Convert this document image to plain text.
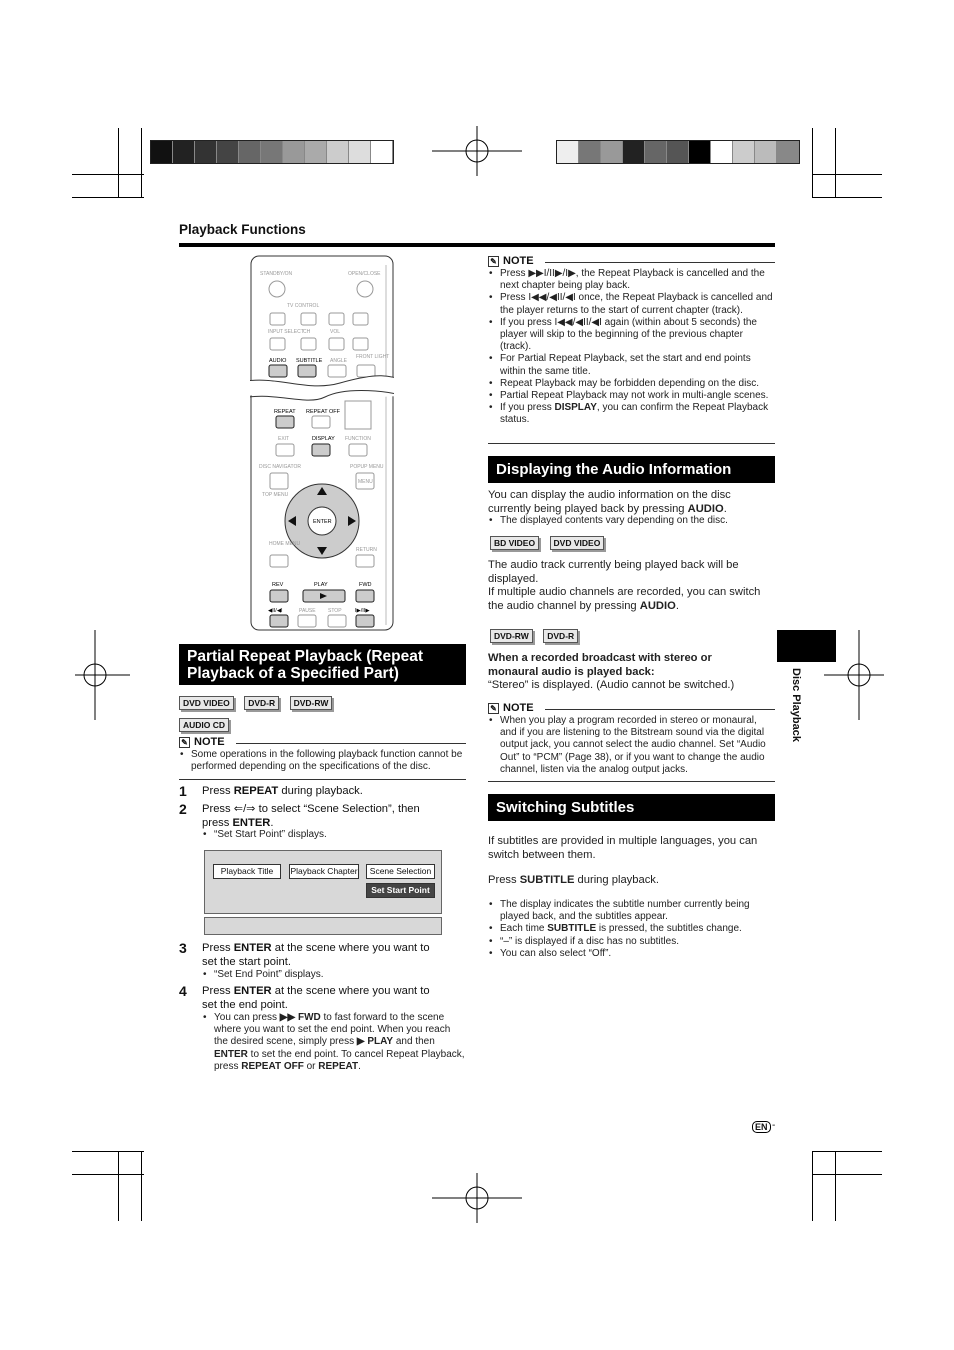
Playback Functions
STANDBY/ON	OPEN/CLOSE
TV CONTROL
INPUT SELECT CH	VOL
AUDIO SUBTITLE ANGLE
FRONT LIGHT
REPEAT REPEAT OFF
EXIT	DISPLAY FUNCTION
DISC NAVIGATOR	POPUP MENU
MENU
TOP MENU
ENTER
HOME MENU
RETURN
REV	PLAY	FWD
◀II/◀I	PAUSE STOP I▶/II▶
Partial Repeat Playback (Repeat
Playback of a Specified Part)
DVD VIDEO DVD-R DVD-RW
AUDIO CD
✎ NOTE
• Some operations in the following playback function cannot be performed depending on the specifications of the disc.
1 Press REPEAT during playback.
2 Press ⇐/⇒ to select “Scene Selection”, then
press ENTER.
• “Set Start Point” displays.
Playback Title	Playback Chapter	Scene Selection
Set Start Point
3 Press ENTER at the scene where you want to
set the start point.
• “Set End Point” displays.
4 Press ENTER at the scene where you want to
set the end point.
• You can press ▶▶ FWD to fast forward to the scene where you want to set the end point. When you reach the desired scene, simply press ▶ PLAY and then ENTER to set the end point. To cancel Repeat Playback, press REPEAT OFF or REPEAT.
✎ NOTE
• Press ▶▶I/II▶/I▶, the Repeat Playback is cancelled and the next chapter being play back.
• Press I◀◀/◀II/◀I once, the Repeat Playback is cancelled and the player returns to the start of current chapter (track).
• If you press I◀◀/◀II/◀I again (within about 5 seconds) the player will skip to the beginning of the previous chapter (track).
• For Partial Repeat Playback, set the start and end points within the same title.
• Repeat Playback may be forbidden depending on the disc.
• Partial Repeat Playback may not work in multi-angle scenes.
• If you press DISPLAY, you can confirm the Repeat Playback status.
Displaying the Audio Information
You can display the audio information on the disc
currently being played back by pressing AUDIO.
• The displayed contents vary depending on the disc.
BD VIDEO DVD VIDEO
The audio track currently being played back will be
displayed.
If multiple audio channels are recorded, you can switch
the audio channel by pressing AUDIO.
DVD-RW DVD-R
When a recorded broadcast with stereo or
monaural audio is played back:
“Stereo” is displayed. (Audio cannot be switched.)
✎ NOTE
• When you play a program recorded in stereo or monaural, and if you are listening to the Bitstream sound via the digital output jack, you cannot select the audio channel. Set “Audio Out” to “PCM” (Page 38), or if you want to change the audio channel, listen via the analog output jacks.
Switching Subtitles
If subtitles are provided in multiple languages, you can
switch between them.
Press SUBTITLE during playback.
• The display indicates the subtitle number currently being played back, and the subtitles appear.
• Each time SUBTITLE is pressed, the subtitles change.
• “–” is displayed if a disc has no subtitles.
• You can also select “Off”.
Disc Playback
EN -
